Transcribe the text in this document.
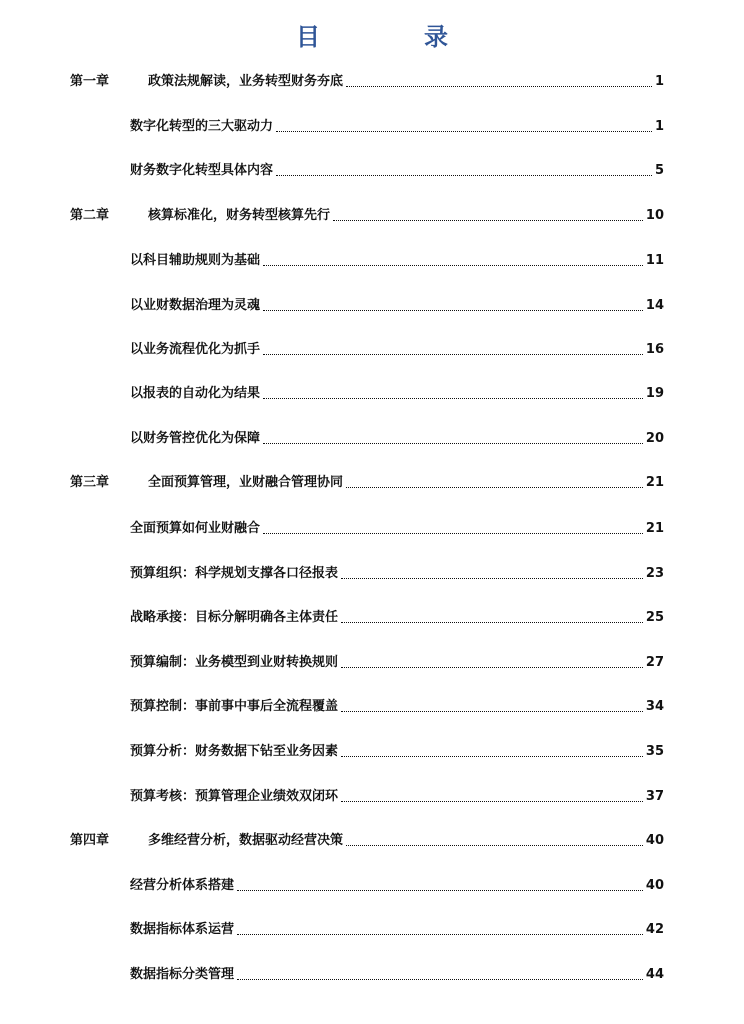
目　录
第一章	政策法规解读，业务转型财务夯底	1
数字化转型的三大驱动力	1
财务数字化转型具体内容	5
第二章	核算标准化，财务转型核算先行	10
以科目辅助规则为基础	11
以业财数据治理为灵魂	14
以业务流程优化为抓手	16
以报表的自动化为结果	19
以财务管控优化为保障	20
第三章	全面预算管理，业财融合管理协同	21
全面预算如何业财融合	21
预算组织：科学规划支撑各口径报表	23
战略承接：目标分解明确各主体责任	25
预算编制：业务模型到业财转换规则	27
预算控制：事前事中事后全流程覆盖	34
预算分析：财务数据下钻至业务因素	35
预算考核：预算管理企业绩效双闭环	37
第四章	多维经营分析，数据驱动经营决策	40
经营分析体系搭建	40
数据指标体系运营	42
数据指标分类管理	44
